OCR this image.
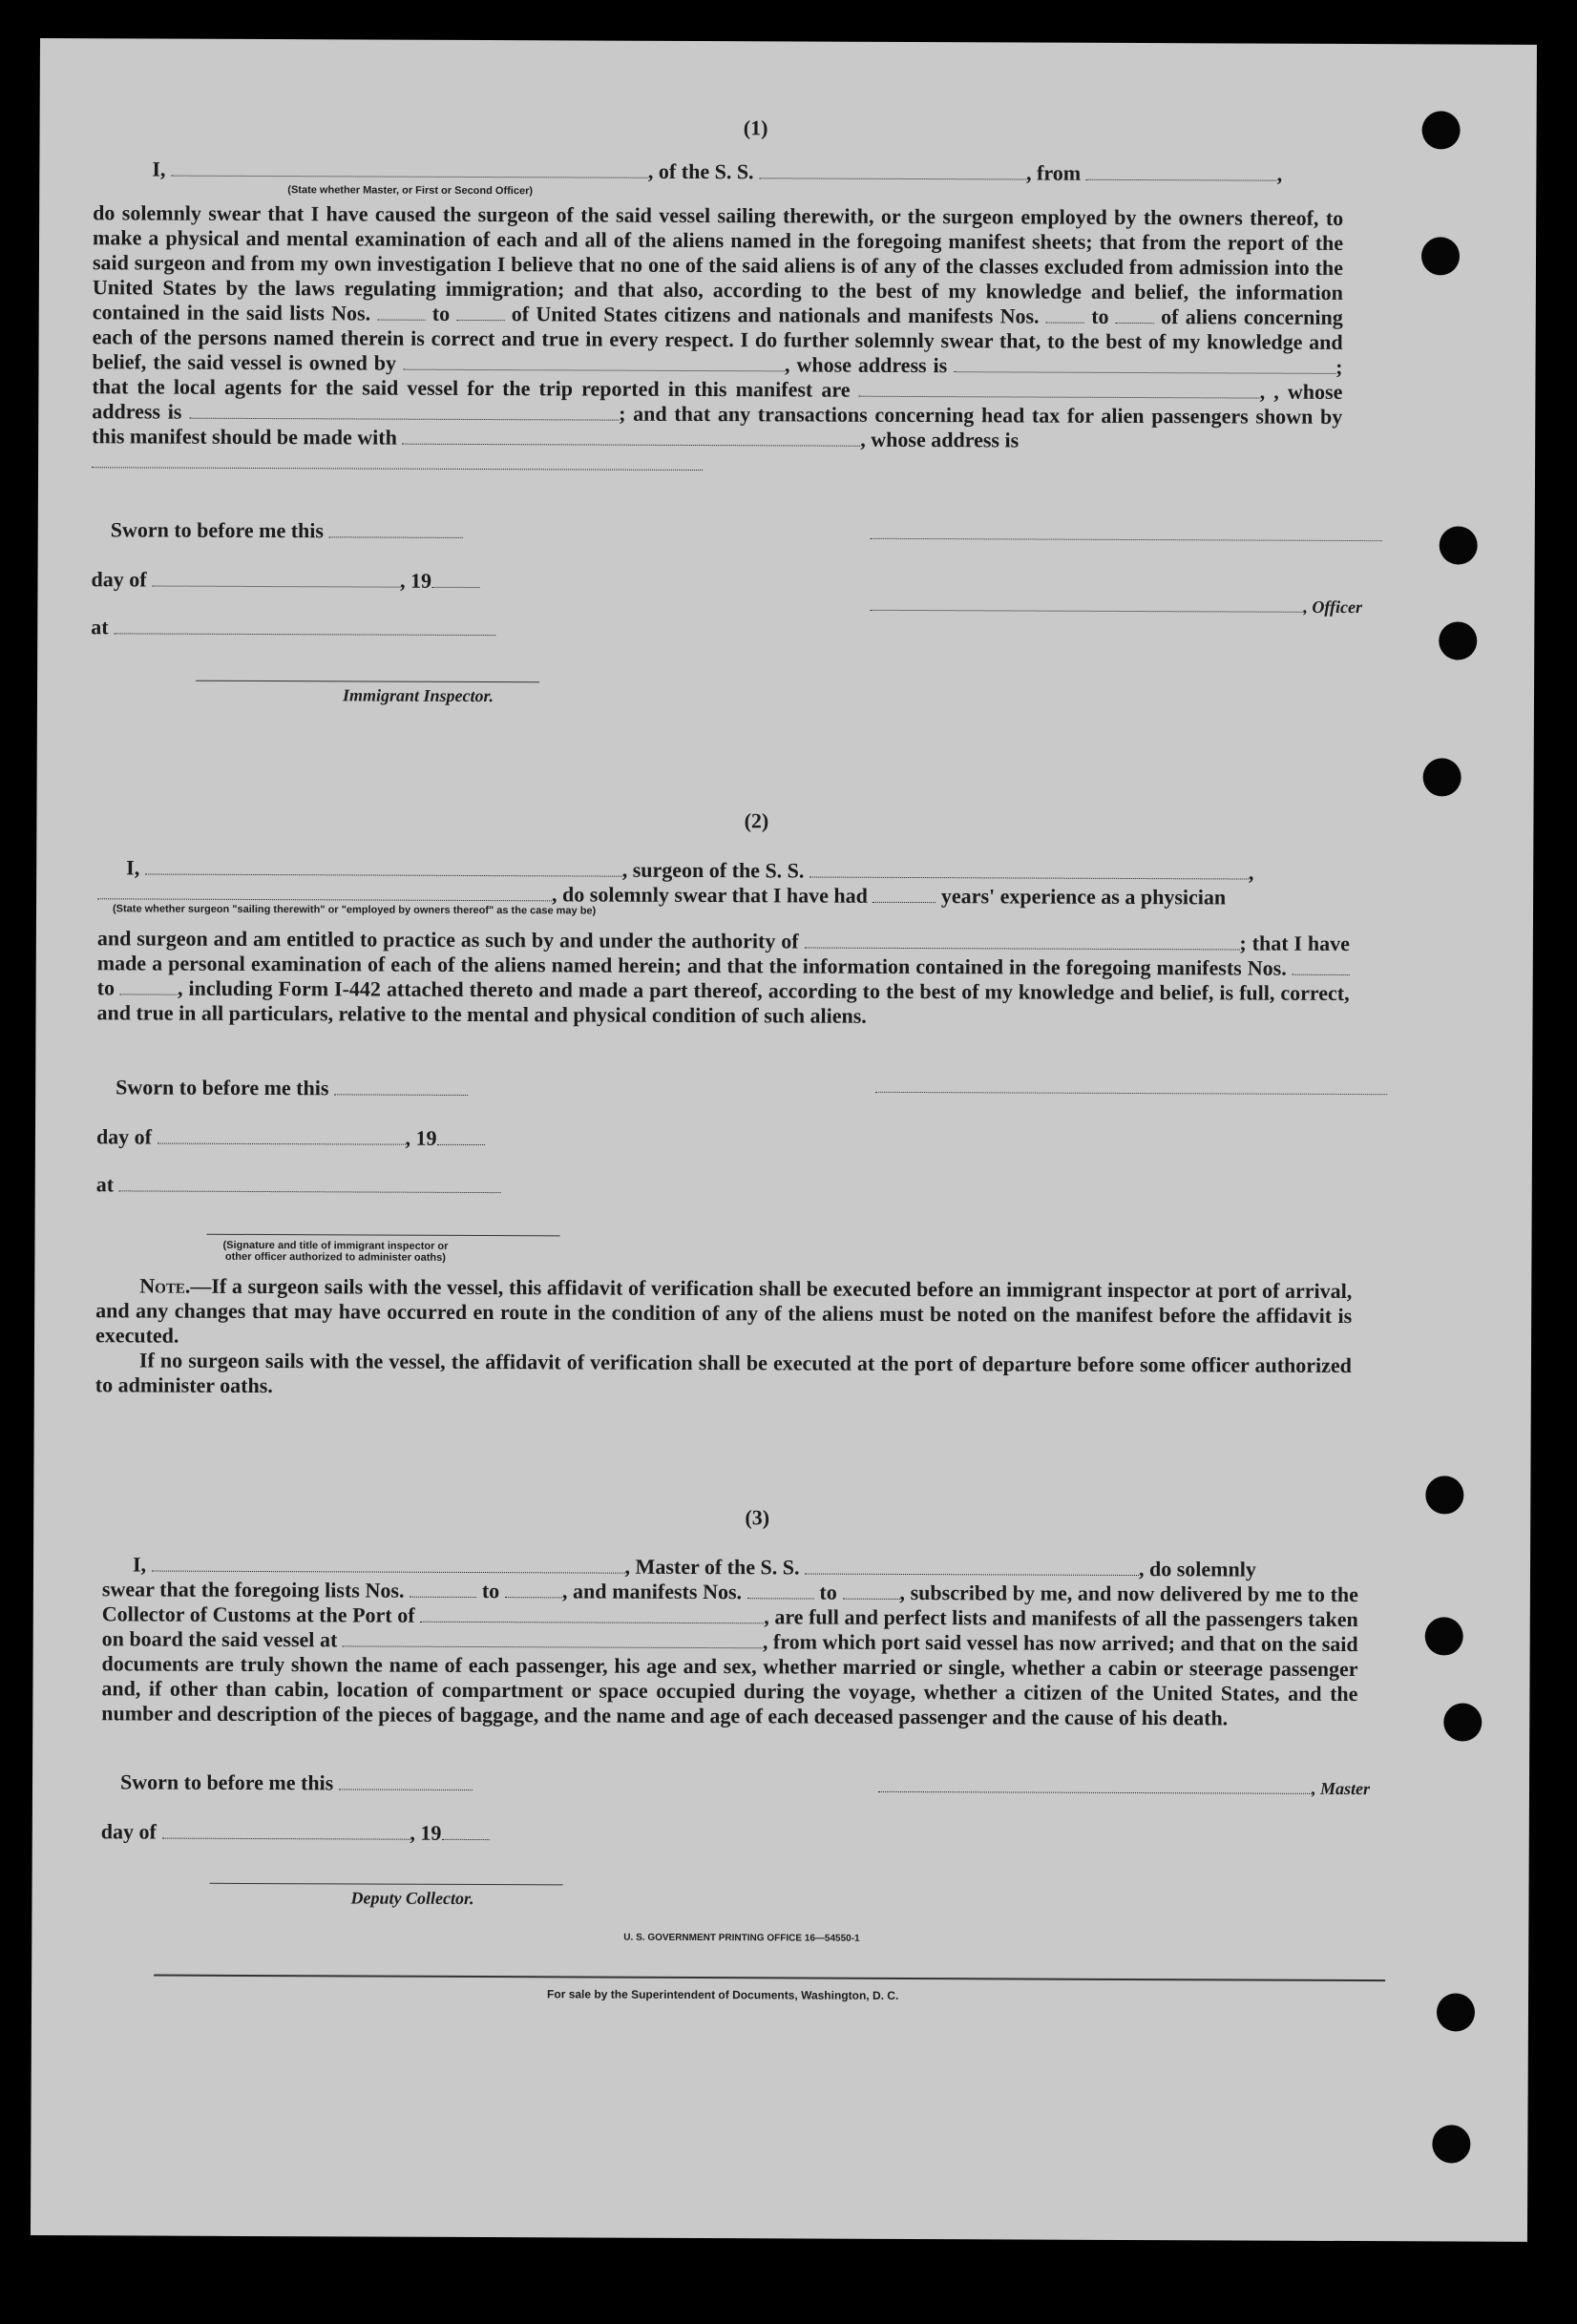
(1)
I,	, of the S. S.	, from	,
(State whether Master, or First or Second Officer)

do solemnly swear that I have caused the surgeon of the said vessel sailing therewith, or the surgeon employed by the owners thereof, to make a physical and mental examination of each and all of the aliens named in the foregoing manifest sheets; that from the report of the said surgeon and from my own investigation I believe that no one of the said aliens is of any of the classes excluded from admission into the United States by the laws regulating immigration; and that also, according to the best of my knowledge and belief, the information contained in the said lists Nos.	to	of United States citizens and nationals and manifests Nos. to of aliens concerning each of the persons named therein is correct and true in every respect. I do further solemnly swear that, to the best of my knowledge and belief, the said vessel is owned by	, whose address is	; that the local agents for the said vessel for the trip reported in this manifest are	, , whose address is	; and that any transactions concerning head tax for alien passengers shown by this manifest should be made with	, whose address is

Sworn to before me this
day of	, 19
at
Immigrant Inspector.
, Officer
(2)
I,	, surgeon of the S. S.	,
, do solemnly swear that I have had	years' experience as a physician
(State whether surgeon "sailing therewith" or "employed by owners thereof" as the case may be)

and surgeon and am entitled to practice as such by and under the authority of	; that I have made a personal examination of each of the aliens named herein; and that the information contained in the foregoing manifests Nos.  to	, including Form I-442 attached thereto and made a part thereof, according to the best of my knowledge and belief, is full, correct, and true in all particulars, relative to the mental and physical condition of such aliens.

Sworn to before me this
day of	, 19
at
(Signature and title of immigrant inspector or other officer authorized to administer oaths)

Note.—If a surgeon sails with the vessel, this affidavit of verification shall be executed before an immigrant inspector at port of arrival, and any changes that may have occurred en route in the condition of any of the aliens must be noted on the manifest before the affidavit is executed.

If no surgeon sails with the vessel, the affidavit of verification shall be executed at the port of departure before some officer authorized to administer oaths.

(3)
I,	, Master of the S. S.	, do solemnly

swear that the foregoing lists Nos.	to	, and manifests Nos.	to	, subscribed by me, and now delivered by me to the Collector of Customs at the Port of	, are full and perfect lists and manifests of all the passengers taken on board the said vessel at	, from which port said vessel has now arrived; and that on the said documents are truly shown the name of each passenger, his age and sex, whether married or single, whether a cabin or steerage passenger and, if other than cabin, location of compartment or space occupied during the voyage, whether a citizen of the United States, and the number and description of the pieces of baggage, and the name and age of each deceased passenger and the cause of his death.

Sworn to before me this
day of	, 19
Deputy Collector.
, Master
U. S. GOVERNMENT PRINTING OFFICE 16—54550-1
For sale by the Superintendent of Documents, Washington, D. C.
